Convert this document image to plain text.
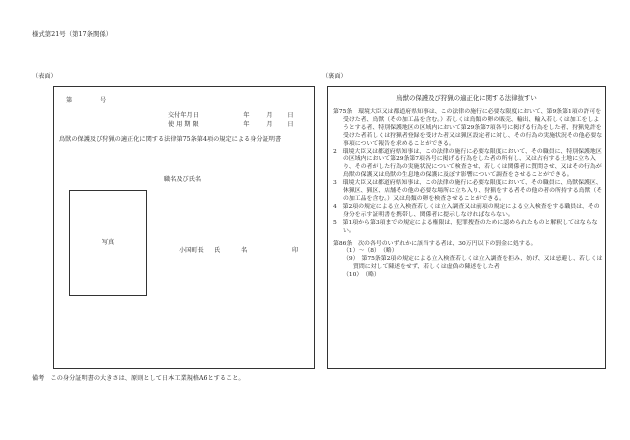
様式第21号（第17条関係）
（表面）	（裏面）
第	号
交付年月日	年	月	日
使 用 期 限	年	月	日
鳥獣の保護及び狩猟の適正化に関する法律第75条第4項の規定による身分証明書
職名及び氏名
写真
小国町長 氏	名	印
鳥獣の保護及び狩猟の適正化に関する法律抜すい

第75条　環境大臣又は都道府県知事は、この法律の施行に必要な限度において、第9条第1項の許可を受けた者、鳥獣（その加工品を含む。）若しくは鳥類の卵の販売、輸出、輸入若しくは加工をしようとする者、特別保護地区の区域内において第29条第7項各号に掲げる行為をした者、狩猟免許を受けた者若しくは狩猟者登録を受けた者又は猟区設定者に対し、その行為の実施状況その他必要な事項について報告を求めることができる。

2　環境大臣又は都道府県知事は、この法律の施行に必要な限度において、その職員に、特別保護地区の区域内において第29条第7項各号に掲げる行為をした者の所有し、又は占有する土地に立ち入り、その者がした行為の実施状況について検査させ、若しくは関係者に質問させ、又はその行為が鳥獣の保護又は鳥獣の生息地の保護に及ぼす影響について調査をさせることができる。

3　環境大臣又は都道府県知事は、この法律の施行に必要な限度において、その職員に、鳥獣保護区、休猟区、猟区、店舗その他の必要な場所に立ち入り、狩猟をする者その他の者の所持する鳥獣（その加工品を含む。）又は鳥類の卵を検査させることができる。

4　第2項の規定による立入検査若しくは立入調査又は前項の規定による立入検査をする職員は、その身分を示す証明書を携帯し、関係者に提示しなければならない。

5　第1項から第3項までの規定による権限は、犯罪捜査のために認められたものと解釈してはならない。

第86条　次の各号のいずれかに該当する者は、30万円以下の罰金に処する。

（1）～（8）　（略）

（9）　第75条第2項の規定による立入検査若しくは立入調査を拒み、妨げ、又は忌避し、若しくは質問に対して陳述をせず、若しくは虚偽の陳述をした者

（10）　（略）

備考　この身分証明書の大きさは、原則として日本工業規格A6とすること。
